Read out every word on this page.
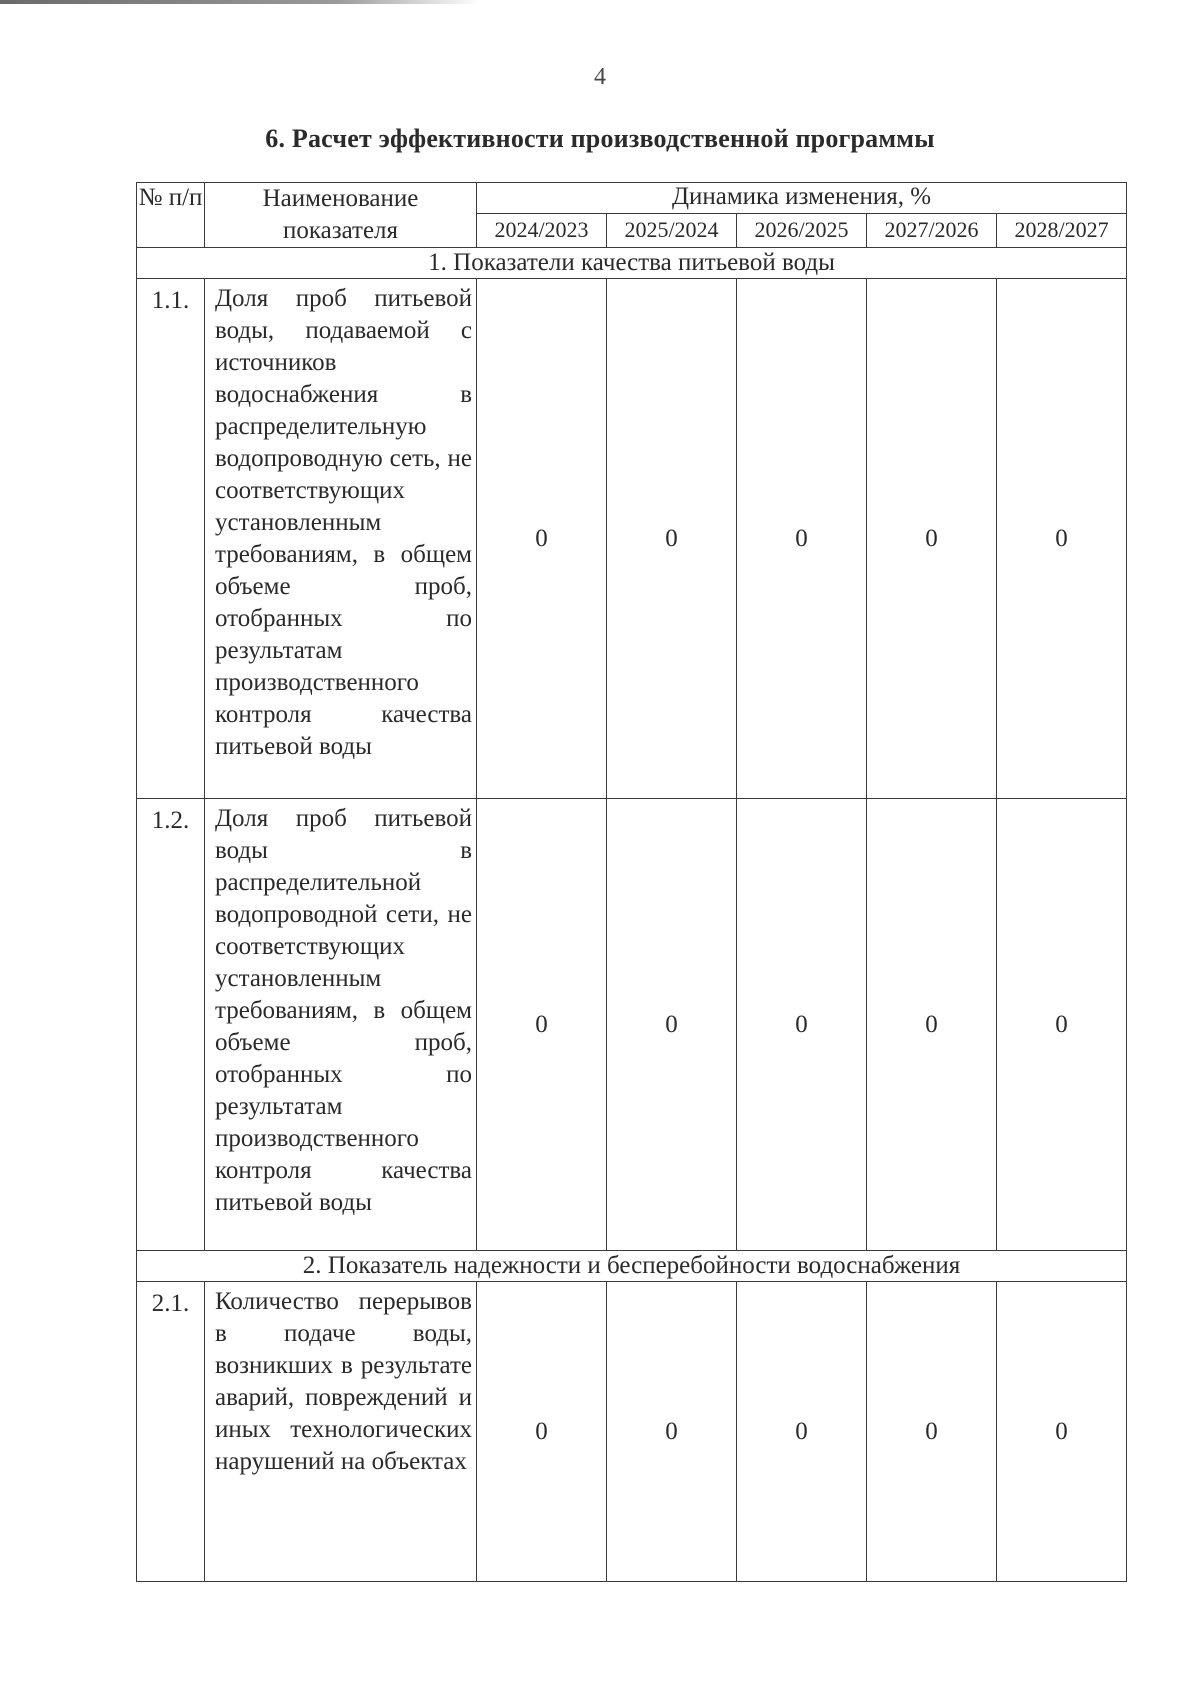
4
6. Расчет эффективности производственной программы
№ п/п	Наименование показателя	Динамика изменения, %				
		2024/2023	2025/2024	2026/2025	2027/2026	2028/2027
1. Показатели качества питьевой воды						
1.1.	Доля проб питьевой воды, подаваемой с источников водоснабжения в распределительную водопроводную сеть, не соответствующих установленным требованиям, в общем объеме проб, отобранных по результатам производственного контроля качества питьевой воды	0	0	0	0	0
1.2.	Доля проб питьевой воды в распределительной водопроводной сети, не соответствующих установленным требованиям, в общем объеме проб, отобранных по результатам производственного контроля качества питьевой воды	0	0	0	0	0
2. Показатель надежности и бесперебойности водоснабжения						
2.1.	Количество перерывов в подаче воды, возникших в результате аварий, повреждений и иных технологических нарушений на объектах	0	0	0	0	0
